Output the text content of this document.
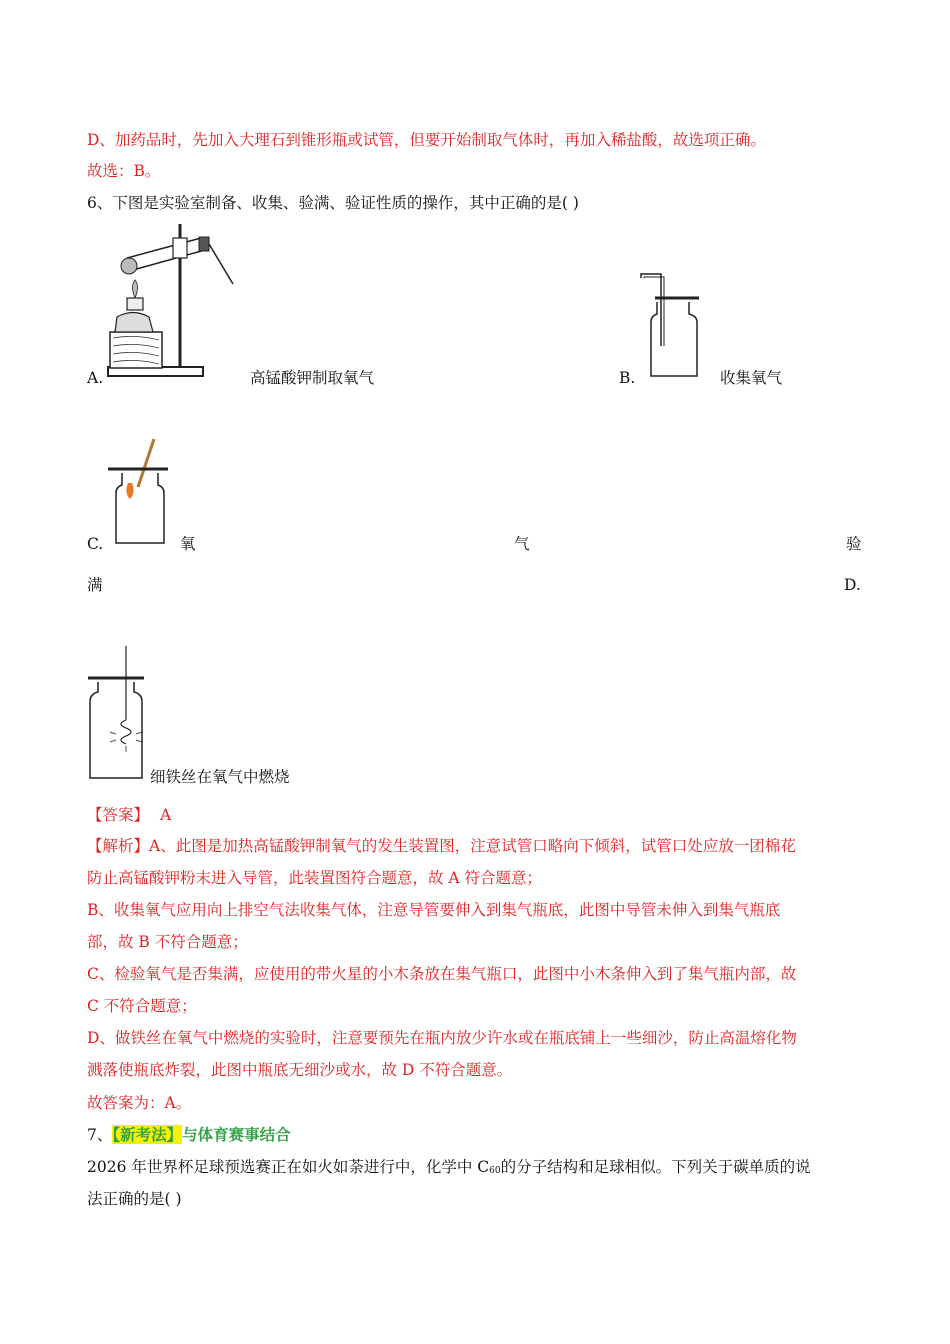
D、加药品时，先加入大理石到锥形瓶或试管，但要开始制取气体时，再加入稀盐酸，故选项正确。
故选：B。
6、下图是实验室制备、收集、验满、验证性质的操作，其中正确的是( )
A.	高锰酸钾制取氧气	B.	收集氧气
C.	氧	气	验
满	D.
细铁丝在氧气中燃烧
【答案】 A
【解析】A、此图是加热高锰酸钾制氧气的发生装置图，注意试管口略向下倾斜，试管口处应放一团棉花
防止高锰酸钾粉末进入导管，此装置图符合题意，故 A 符合题意；
B、收集氧气应用向上排空气法收集气体，注意导管要伸入到集气瓶底，此图中导管未伸入到集气瓶底
部，故 B 不符合题意；
C、检验氧气是否集满，应使用的带火星的小木条放在集气瓶口，此图中小木条伸入到了集气瓶内部，故
C 不符合题意；
D、做铁丝在氧气中燃烧的实验时，注意要预先在瓶内放少许水或在瓶底铺上一些细沙，防止高温熔化物
溅落使瓶底炸裂，此图中瓶底无细沙或水，故 D 不符合题意。
故答案为：A。
7、【新考法】与体育赛事结合
2026 年世界杯足球预选赛正在如火如荼进行中，化学中 $C_{60}$的分子结构和足球相似。下列关于碳单质的说
法正确的是( )
